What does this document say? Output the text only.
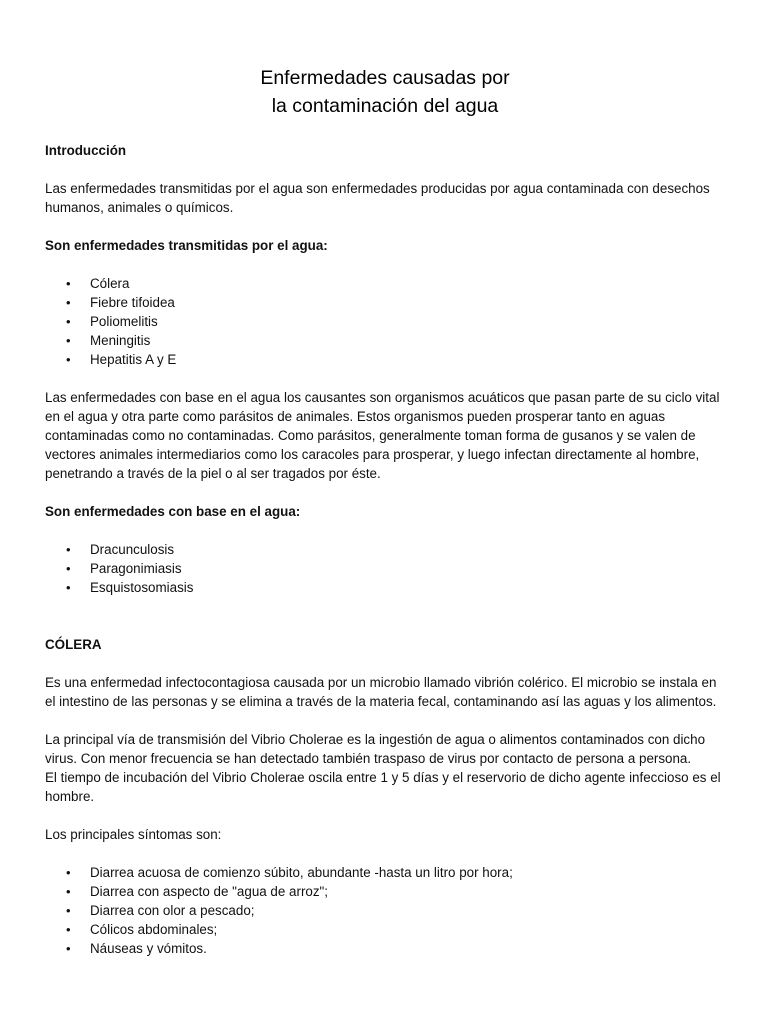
Enfermedades causadas por
la contaminación del agua
Introducción

Las enfermedades transmitidas por el agua son enfermedades producidas por agua contaminada con desechos humanos, animales o químicos.

Son enfermedades transmitidas por el agua:
• Cólera
• Fiebre tifoidea
• Poliomelitis
• Meningitis
• Hepatitis A y E

Las enfermedades con base en el agua los causantes son organismos acuáticos que pasan parte de su ciclo vital en el agua y otra parte como parásitos de animales. Estos organismos pueden prosperar tanto en aguas contaminadas como no contaminadas. Como parásitos, generalmente toman forma de gusanos y se valen de vectores animales intermediarios como los caracoles para prosperar, y luego infectan directamente al hombre, penetrando a través de la piel o al ser tragados por éste.

Son enfermedades con base en el agua:
• Dracunculosis
• Paragonimiasis
• Esquistosomiasis
CÓLERA

Es una enfermedad infectocontagiosa causada por un microbio llamado vibrión colérico. El microbio se instala en el intestino de las personas y se elimina a través de la materia fecal, contaminando así las aguas y los alimentos.

La principal vía de transmisión del Vibrio Cholerae es la ingestión de agua o alimentos contaminados con dicho virus. Con menor frecuencia se han detectado también traspaso de virus por contacto de persona a persona.
El tiempo de incubación del Vibrio Cholerae oscila entre 1 y 5 días y el reservorio de dicho agente infeccioso es el hombre.

Los principales síntomas son:

• Diarrea acuosa de comienzo súbito, abundante -hasta un litro por hora;
• Diarrea con aspecto de "agua de arroz";
• Diarrea con olor a pescado;
• Cólicos abdominales;
• Náuseas y vómitos.
